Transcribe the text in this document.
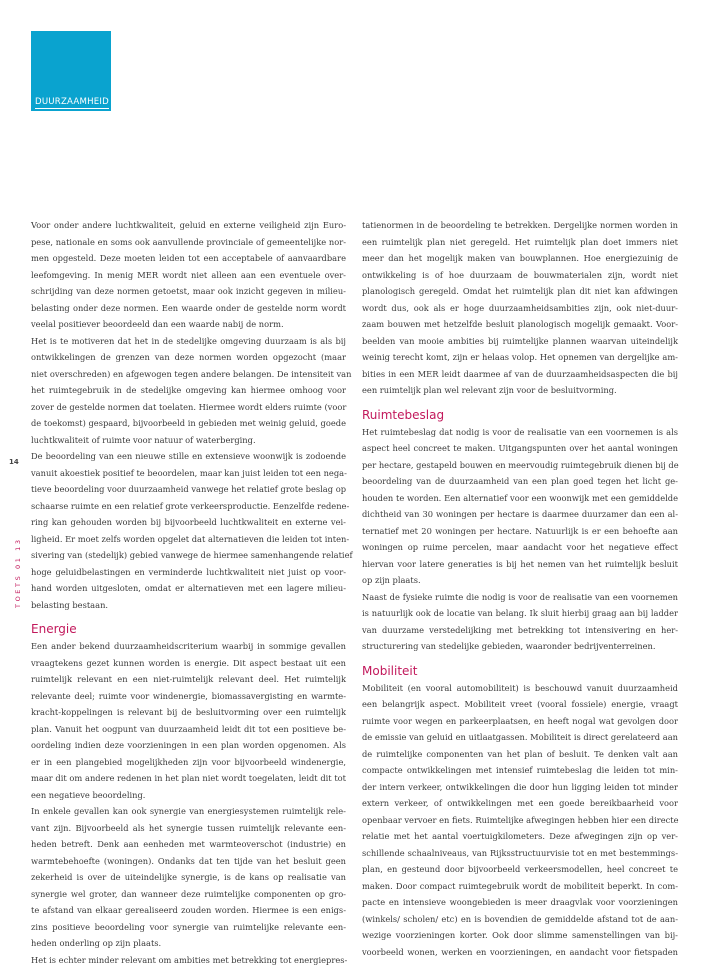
DUURZAAMHEID
14
TOETS 01 13
Voor onder andere luchtkwaliteit, geluid en externe veiligheid zijn Euro-
pese, nationale en soms ook aanvullende provinciale of gemeentelijke nor-
men opgesteld. Deze moeten leiden tot een acceptabele of aanvaardbare
leefomgeving. In menig MER wordt niet alleen aan een eventuele over-
schrijding van deze normen getoetst, maar ook inzicht gegeven in milieu-
belasting onder deze normen. Een waarde onder de gestelde norm wordt
veelal positiever beoordeeld dan een waarde nabij de norm.
Het is te motiveren dat het in de stedelijke omgeving duurzaam is als bij
ontwikkelingen de grenzen van deze normen worden opgezocht (maar
niet overschreden) en afgewogen tegen andere belangen. De intensiteit van
het ruimtegebruik in de stedelijke omgeving kan hiermee omhoog voor
zover de gestelde normen dat toelaten. Hiermee wordt elders ruimte (voor
de toekomst) gespaard, bijvoorbeeld in gebieden met weinig geluid, goede
luchtkwaliteit of ruimte voor natuur of waterberging.
De beoordeling van een nieuwe stille en extensieve woonwijk is zodoende
vanuit akoestiek positief te beoordelen, maar kan juist leiden tot een nega-
tieve beoordeling voor duurzaamheid vanwege het relatief grote beslag op
schaarse ruimte en een relatief grote verkeersproductie. Eenzelfde redene-
ring kan gehouden worden bij bijvoorbeeld luchtkwaliteit en externe vei-
ligheid. Er moet zelfs worden opgelet dat alternatieven die leiden tot inten-
sivering van (stedelijk) gebied vanwege de hiermee samenhangende relatief
hoge geluidbelastingen en verminderde luchtkwaliteit niet juist op voor-
hand worden uitgesloten, omdat er alternatieven met een lagere milieu-
belasting bestaan.
Energie
Een ander bekend duurzaamheidscriterium waarbij in sommige gevallen
vraagtekens gezet kunnen worden is energie. Dit aspect bestaat uit een
ruimtelijk relevant en een niet-ruimtelijk relevant deel. Het ruimtelijk
relevante deel; ruimte voor windenergie, biomassavergisting en warmte-
kracht-koppelingen is relevant bij de besluitvorming over een ruimtelijk
plan. Vanuit het oogpunt van duurzaamheid leidt dit tot een positieve be-
oordeling indien deze voorzieningen in een plan worden opgenomen. Als
er in een plangebied mogelijkheden zijn voor bijvoorbeeld windenergie,
maar dit om andere redenen in het plan niet wordt toegelaten, leidt dit tot
een negatieve beoordeling.
In enkele gevallen kan ook synergie van energiesystemen ruimtelijk rele-
vant zijn. Bijvoorbeeld als het synergie tussen ruimtelijk relevante een-
heden betreft. Denk aan eenheden met warmteoverschot (industrie) en
warmtebehoefte (woningen). Ondanks dat ten tijde van het besluit geen
zekerheid is over de uiteindelijke synergie, is de kans op realisatie van
synergie wel groter, dan wanneer deze ruimtelijke componenten op gro-
te afstand van elkaar gerealiseerd zouden worden. Hiermee is een enigs-
zins positieve beoordeling voor synergie van ruimtelijke relevante een-
heden onderling op zijn plaats.
Het is echter minder relevant om ambities met betrekking tot energiepres-
tatienormen in de beoordeling te betrekken. Dergelijke normen worden in
een ruimtelijk plan niet geregeld. Het ruimtelijk plan doet immers niet
meer dan het mogelijk maken van bouwplannen. Hoe energiezuinig de
ontwikkeling is of hoe duurzaam de bouwmaterialen zijn, wordt niet
planologisch geregeld. Omdat het ruimtelijk plan dit niet kan afdwingen
wordt dus, ook als er hoge duurzaamheidsambities zijn, ook niet-duur-
zaam bouwen met hetzelfde besluit planologisch mogelijk gemaakt. Voor-
beelden van mooie ambities bij ruimtelijke plannen waarvan uiteindelijk
weinig terecht komt, zijn er helaas volop. Het opnemen van dergelijke am-
bities in een MER leidt daarmee af van de duurzaamheidsaspecten die bij
een ruimtelijk plan wel relevant zijn voor de besluitvorming.
Ruimtebeslag
Het ruimtebeslag dat nodig is voor de realisatie van een voornemen is als
aspect heel concreet te maken. Uitgangspunten over het aantal woningen
per hectare, gestapeld bouwen en meervoudig ruimtegebruik dienen bij de
beoordeling van de duurzaamheid van een plan goed tegen het licht ge-
houden te worden. Een alternatief voor een woonwijk met een gemiddelde
dichtheid van 30 woningen per hectare is daarmee duurzamer dan een al-
ternatief met 20 woningen per hectare. Natuurlijk is er een behoefte aan
woningen op ruime percelen, maar aandacht voor het negatieve effect
hiervan voor latere generaties is bij het nemen van het ruimtelijk besluit
op zijn plaats.
Naast de fysieke ruimte die nodig is voor de realisatie van een voornemen
is natuurlijk ook de locatie van belang. Ik sluit hierbij graag aan bij ladder
van duurzame verstedelijking met betrekking tot intensivering en her-
structurering van stedelijke gebieden, waaronder bedrijventerreinen.
Mobiliteit
Mobiliteit (en vooral automobiliteit) is beschouwd vanuit duurzaamheid
een belangrijk aspect. Mobiliteit vreet (vooral fossiele) energie, vraagt
ruimte voor wegen en parkeerplaatsen, en heeft nogal wat gevolgen door
de emissie van geluid en uitlaatgassen. Mobiliteit is direct gerelateerd aan
de ruimtelijke componenten van het plan of besluit. Te denken valt aan
compacte ontwikkelingen met intensief ruimtebeslag die leiden tot min-
der intern verkeer, ontwikkelingen die door hun ligging leiden tot minder
extern verkeer, of ontwikkelingen met een goede bereikbaarheid voor
openbaar vervoer en fiets. Ruimtelijke afwegingen hebben hier een directe
relatie met het aantal voertuigkilometers. Deze afwegingen zijn op ver-
schillende schaalniveaus, van Rijksstructuurvisie tot en met bestemmings-
plan, en gesteund door bijvoorbeeld verkeersmodellen, heel concreet te
maken. Door compact ruimtegebruik wordt de mobiliteit beperkt. In com-
pacte en intensieve woongebieden is meer draagvlak voor voorzieningen
(winkels/ scholen/ etc) en is bovendien de gemiddelde afstand tot de aan-
wezige voorzieningen korter. Ook door slimme samenstellingen van bij-
voorbeeld wonen, werken en voorzieningen, en aandacht voor fietspaden
